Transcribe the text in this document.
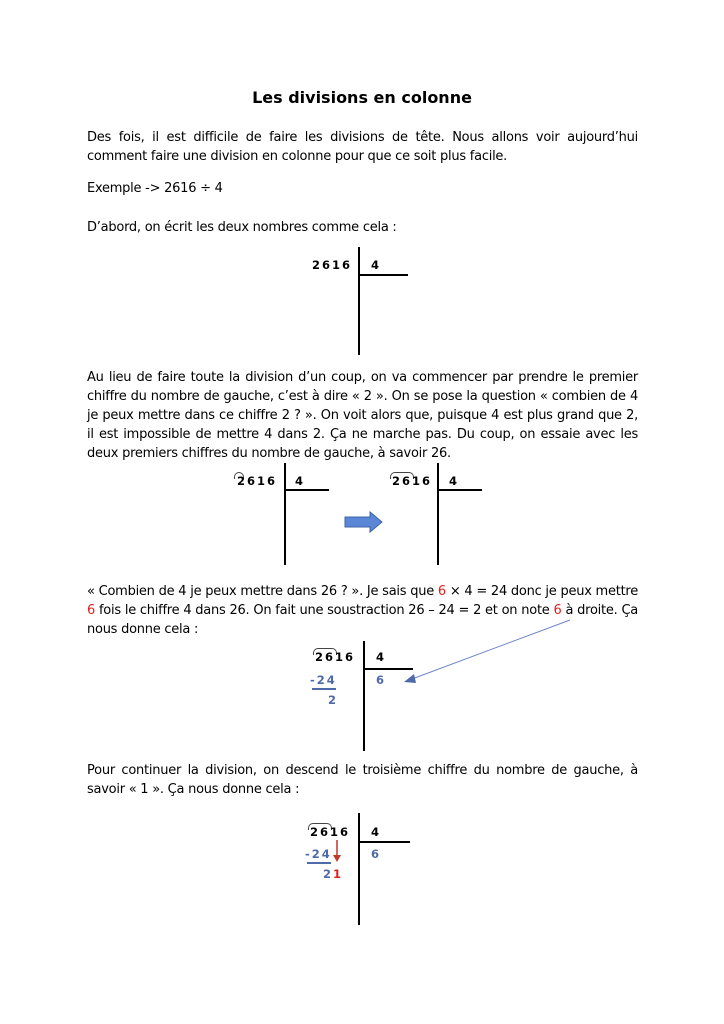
Les divisions en colonne
Des fois, il est difficile de faire les divisions de tête. Nous allons voir aujourd’hui comment faire une division en colonne pour que ce soit plus facile.
Exemple -> 2616 ÷ 4
D’abord, on écrit les deux nombres comme cela :
2616 4
Au lieu de faire toute la division d’un coup, on va commencer par prendre le premier chiffre du nombre de gauche, c’est à dire « 2 ». On se pose la question « combien de 4 je peux mettre dans ce chiffre 2 ? ». On voit alors que, puisque 4 est plus grand que 2, il est impossible de mettre 4 dans 2. Ça ne marche pas. Du coup, on essaie avec les deux premiers chiffres du nombre de gauche, à savoir 26.
2616 4	2616 4
« Combien de 4 je peux mettre dans 26 ? ». Je sais que 6 × 4 = 24 donc je peux mettre 6 fois le chiffre 4 dans 26. On fait une soustraction 26 – 24 = 2 et on note 6 à droite. Ça nous donne cela :
2616 4
-24
2
6
Pour continuer la division, on descend le troisième chiffre du nombre de gauche, à savoir « 1 ». Ça nous donne cela :
2616 4
-24
21
6
